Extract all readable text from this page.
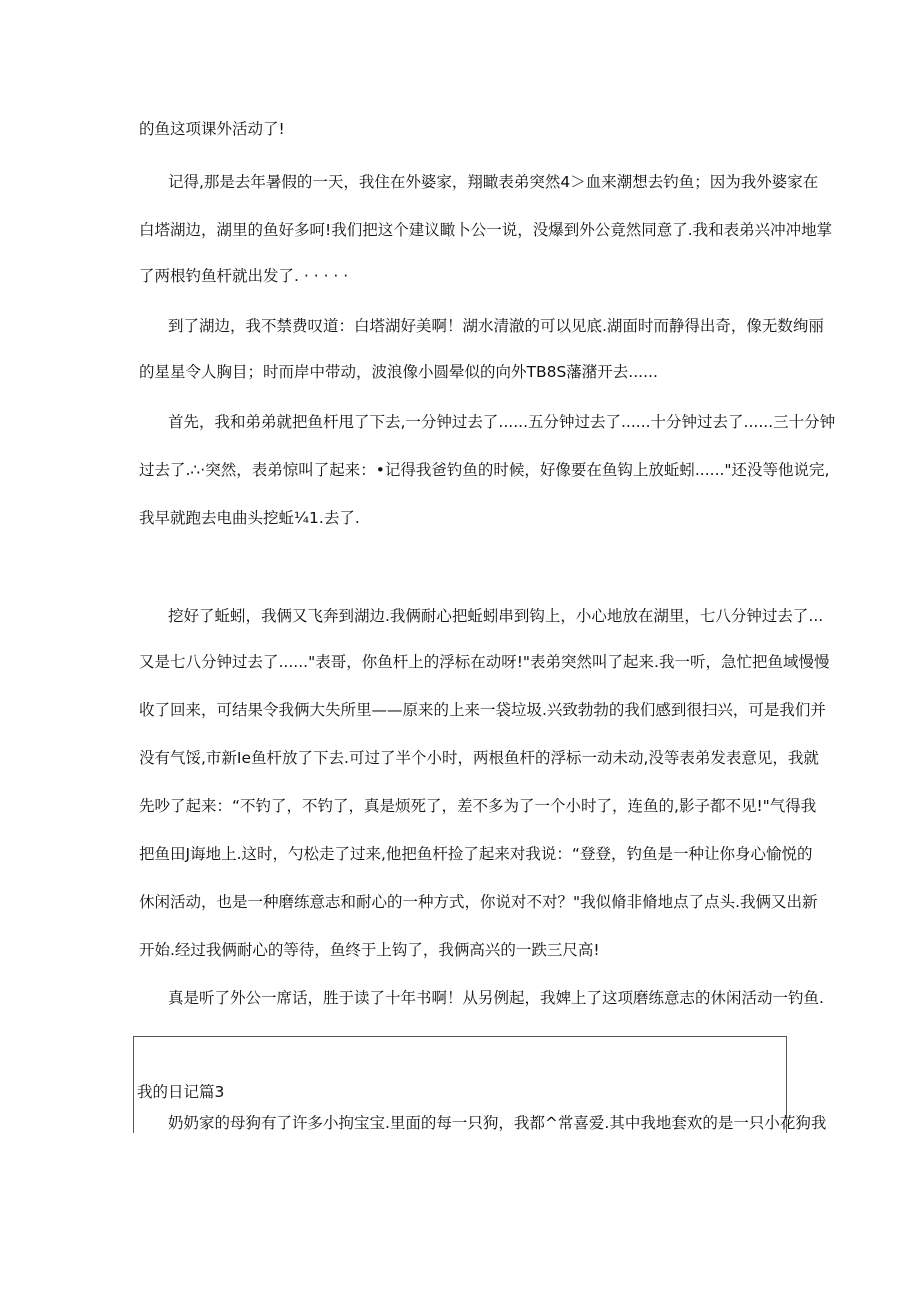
的鱼这项课外活动了!
记得,那是去年暑假的一天，我住在外婆家，翔瞰表弟突然4＞血来潮想去钓鱼；因为我外婆家在
白塔湖边，湖里的鱼好多呵!我们把这个建议瞰卜公一说，没爆到外公竟然同意了.我和表弟兴冲冲地掌
了两根钓鱼杆就出发了. · · · · ·
到了湖边，我不禁费叹道：白塔湖好美啊！湖水清澈的可以见底.湖面时而静得出奇，像无数绚丽
的星星令人胸目；时而岸中带动，波浪像小圆晕似的向外TB8S藩潴开去......
首先，我和弟弟就把鱼杆甩了下去,一分钟过去了......五分钟过去了......十分钟过去了......三十分钟
过去了.∴·突然，表弟惊叫了起来：•记得我爸钓鱼的时候，好像要在鱼钩上放蚯蚓......"还没等他说完,
我早就跑去电曲头挖蚯¼1.去了.
挖好了蚯蚓，我俩又飞奔到湖边.我俩耐心把蚯蚓串到钩上，小心地放在湖里，七八分钟过去了...
又是七八分钟过去了......"表哥，你鱼杆上的浮标在动呀!"表弟突然叫了起来.我一听，急忙把鱼域慢慢
收了回来，可结果令我俩大失所里——原来的上来一袋垃圾.兴致勃勃的我们感到很扫兴，可是我们并
没有气馁,市新Ie鱼杆放了下去.可过了半个小时，两根鱼杆的浮标一动未动,没等表弟发表意见，我就
先吵了起来：“不钓了，不钓了，真是烦死了，差不多为了一个小时了，连鱼的,影子都不见!"气得我
把鱼田J诲地上.这时，勺松走了过来,他把鱼杆捡了起来对我说：“登登，钓鱼是一种让你身心愉悦的
休闲活动，也是一种磨练意志和耐心的一种方式，你说对不对？"我似脩非脩地点了点头.我俩又出新
开始.经过我俩耐心的等待，鱼终于上钩了，我俩高兴的一跌三尺高!
真是听了外公一席话，胜于读了十年书啊！从另例起，我婢上了这项磨练意志的休闲活动一钓鱼.
我的日记篇3
奶奶家的母狗有了许多小拘宝宝.里面的每一只狗，我都^常喜爱.其中我地套欢的是一只小花狗我
